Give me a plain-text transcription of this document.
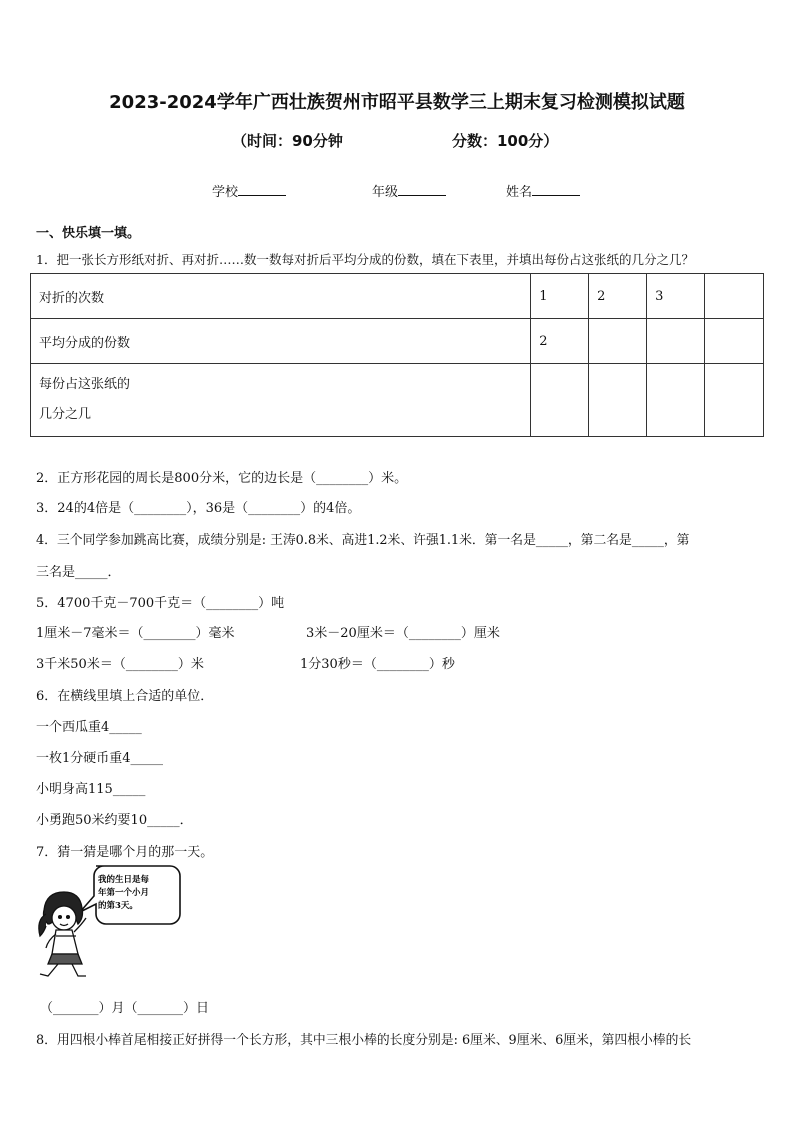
2023-2024学年广西壮族贺州市昭平县数学三上期末复习检测模拟试题
（时间：90分钟	分数：100分）
学校	年级	姓名
一、快乐填一填。
1．把一张长方形纸对折、再对折……数一数每对折后平均分成的份数，填在下表里，并填出每份占这张纸的几分之几？
对折的次数	1	2	3	
平均分成的份数	2			

每份占这张纸的
几分之几				

2．正方形花园的周长是800分米，它的边长是（________）米。
3．24的4倍是（________），36是（________）的4倍。
4．三个同学参加跳高比赛，成绩分别是: 王涛0.8米、高进1.2米、许强1.1米．第一名是_____，第二名是_____，第
三名是_____．
5．4700千克－700千克＝（________）吨
1厘米－7毫米＝（________）毫米	3米－20厘米＝（________）厘米
3千米50米＝（________）米	1分30秒＝（________）秒
6．在横线里填上合适的单位．
一个西瓜重4_____
一枚1分硬币重4_____
小明身高115_____
小勇跑50米约要10_____．
7．猜一猜是哪个月的那一天。
我的生日是每
年第一个小月
的第3天。
（_______）月（_______）日
8．用四根小棒首尾相接正好拼得一个长方形，其中三根小棒的长度分别是: 6厘米、9厘米、6厘米，第四根小棒的长
